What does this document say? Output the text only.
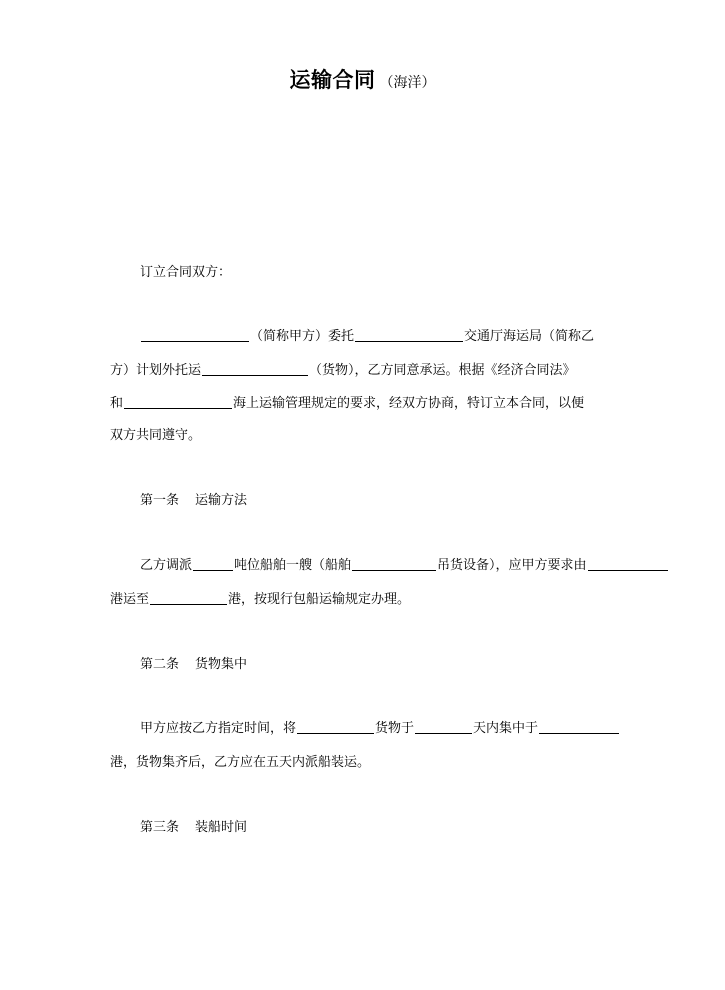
运输合同 （海洋）
订立合同双方：
（简称甲方）委托	交通厅海运局（简称乙
方）计划外托运	（货物），乙方同意承运。根据《经济合同法》
和	海上运输管理规定的要求，经双方协商，特订立本合同，以便
双方共同遵守。
第一条 运输方法
乙方调派	吨位船舶一艘（船舶	吊货设备），应甲方要求由
港运至	港，按现行包船运输规定办理。
第二条 货物集中
甲方应按乙方指定时间，将	货物于	天内集中于
港，货物集齐后，乙方应在五天内派船装运。
第三条 装船时间
